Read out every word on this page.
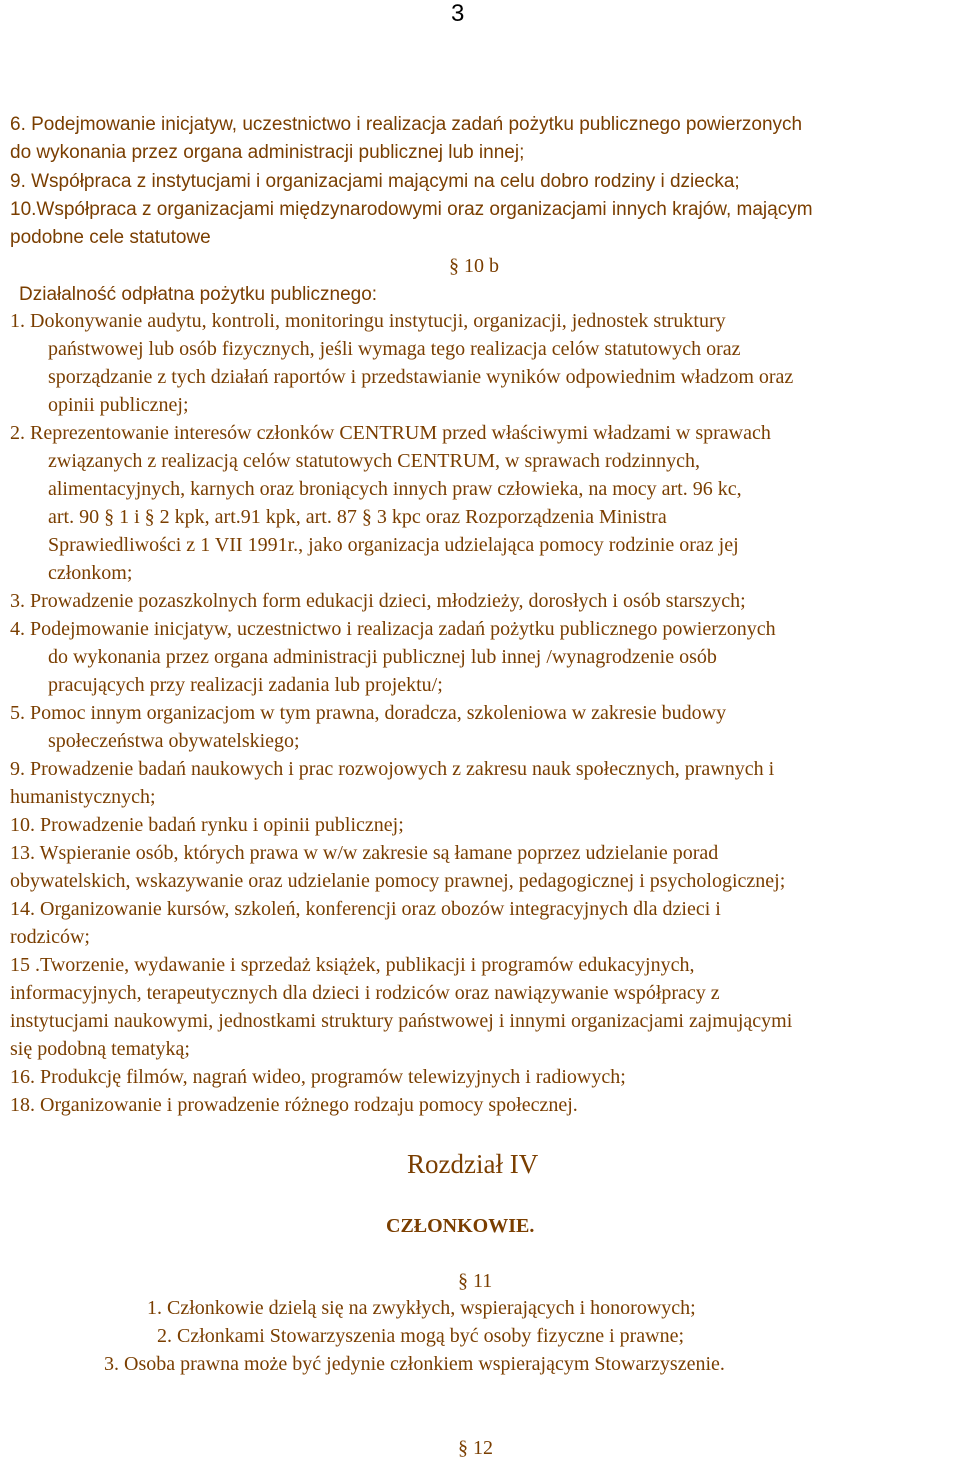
3
6. Podejmowanie inicjatyw, uczestnictwo i realizacja zadań pożytku publicznego powierzonych
do wykonania przez organa administracji publicznej lub innej;
9. Współpraca z instytucjami i organizacjami mającymi na celu dobro rodziny i dziecka;
10.Współpraca z organizacjami międzynarodowymi oraz organizacjami innych krajów, mającym
podobne cele statutowe
§ 10 b
Działalność odpłatna pożytku publicznego:
1. Dokonywanie audytu, kontroli, monitoringu instytucji, organizacji, jednostek struktury
państwowej lub osób fizycznych, jeśli wymaga tego realizacja celów statutowych oraz
sporządzanie z tych działań raportów i przedstawianie wyników odpowiednim władzom oraz
opinii publicznej;
2. Reprezentowanie interesów członków CENTRUM przed właściwymi władzami w sprawach
związanych z realizacją celów statutowych CENTRUM, w sprawach rodzinnych,
alimentacyjnych, karnych oraz broniących innych praw człowieka, na mocy art. 96 kc,
art. 90 § 1 i § 2 kpk, art.91 kpk, art. 87 § 3 kpc oraz Rozporządzenia Ministra
Sprawiedliwości z 1 VII 1991r., jako organizacja udzielająca pomocy rodzinie oraz jej
członkom;
3. Prowadzenie pozaszkolnych form edukacji dzieci, młodzieży, dorosłych i osób starszych;
4. Podejmowanie inicjatyw, uczestnictwo i realizacja zadań pożytku publicznego powierzonych
do wykonania przez organa administracji publicznej lub innej /wynagrodzenie osób
pracujących przy realizacji zadania lub projektu/;
5. Pomoc innym organizacjom w tym prawna, doradcza, szkoleniowa w zakresie budowy
społeczeństwa obywatelskiego;
9. Prowadzenie badań naukowych i prac rozwojowych z zakresu nauk społecznych, prawnych i
humanistycznych;
10. Prowadzenie badań rynku i opinii publicznej;
13. Wspieranie osób, których prawa w w/w zakresie są łamane poprzez udzielanie porad
obywatelskich, wskazywanie oraz udzielanie pomocy prawnej, pedagogicznej i psychologicznej;
14. Organizowanie kursów, szkoleń, konferencji oraz obozów integracyjnych dla dzieci i
rodziców;
15 .Tworzenie, wydawanie i sprzedaż książek, publikacji i programów edukacyjnych,
informacyjnych, terapeutycznych dla dzieci i rodziców oraz nawiązywanie współpracy z
instytucjami naukowymi, jednostkami struktury państwowej i innymi organizacjami zajmującymi
się podobną tematyką;
16. Produkcję filmów, nagrań wideo, programów telewizyjnych i radiowych;
18. Organizowanie i prowadzenie różnego rodzaju pomocy społecznej.
Rozdział IV
CZŁONKOWIE.
§ 11
1. Członkowie dzielą się na zwykłych, wspierających i honorowych;
2. Członkami Stowarzyszenia mogą być osoby fizyczne i prawne;
3. Osoba prawna może być jedynie członkiem wspierającym Stowarzyszenie.
§ 12
